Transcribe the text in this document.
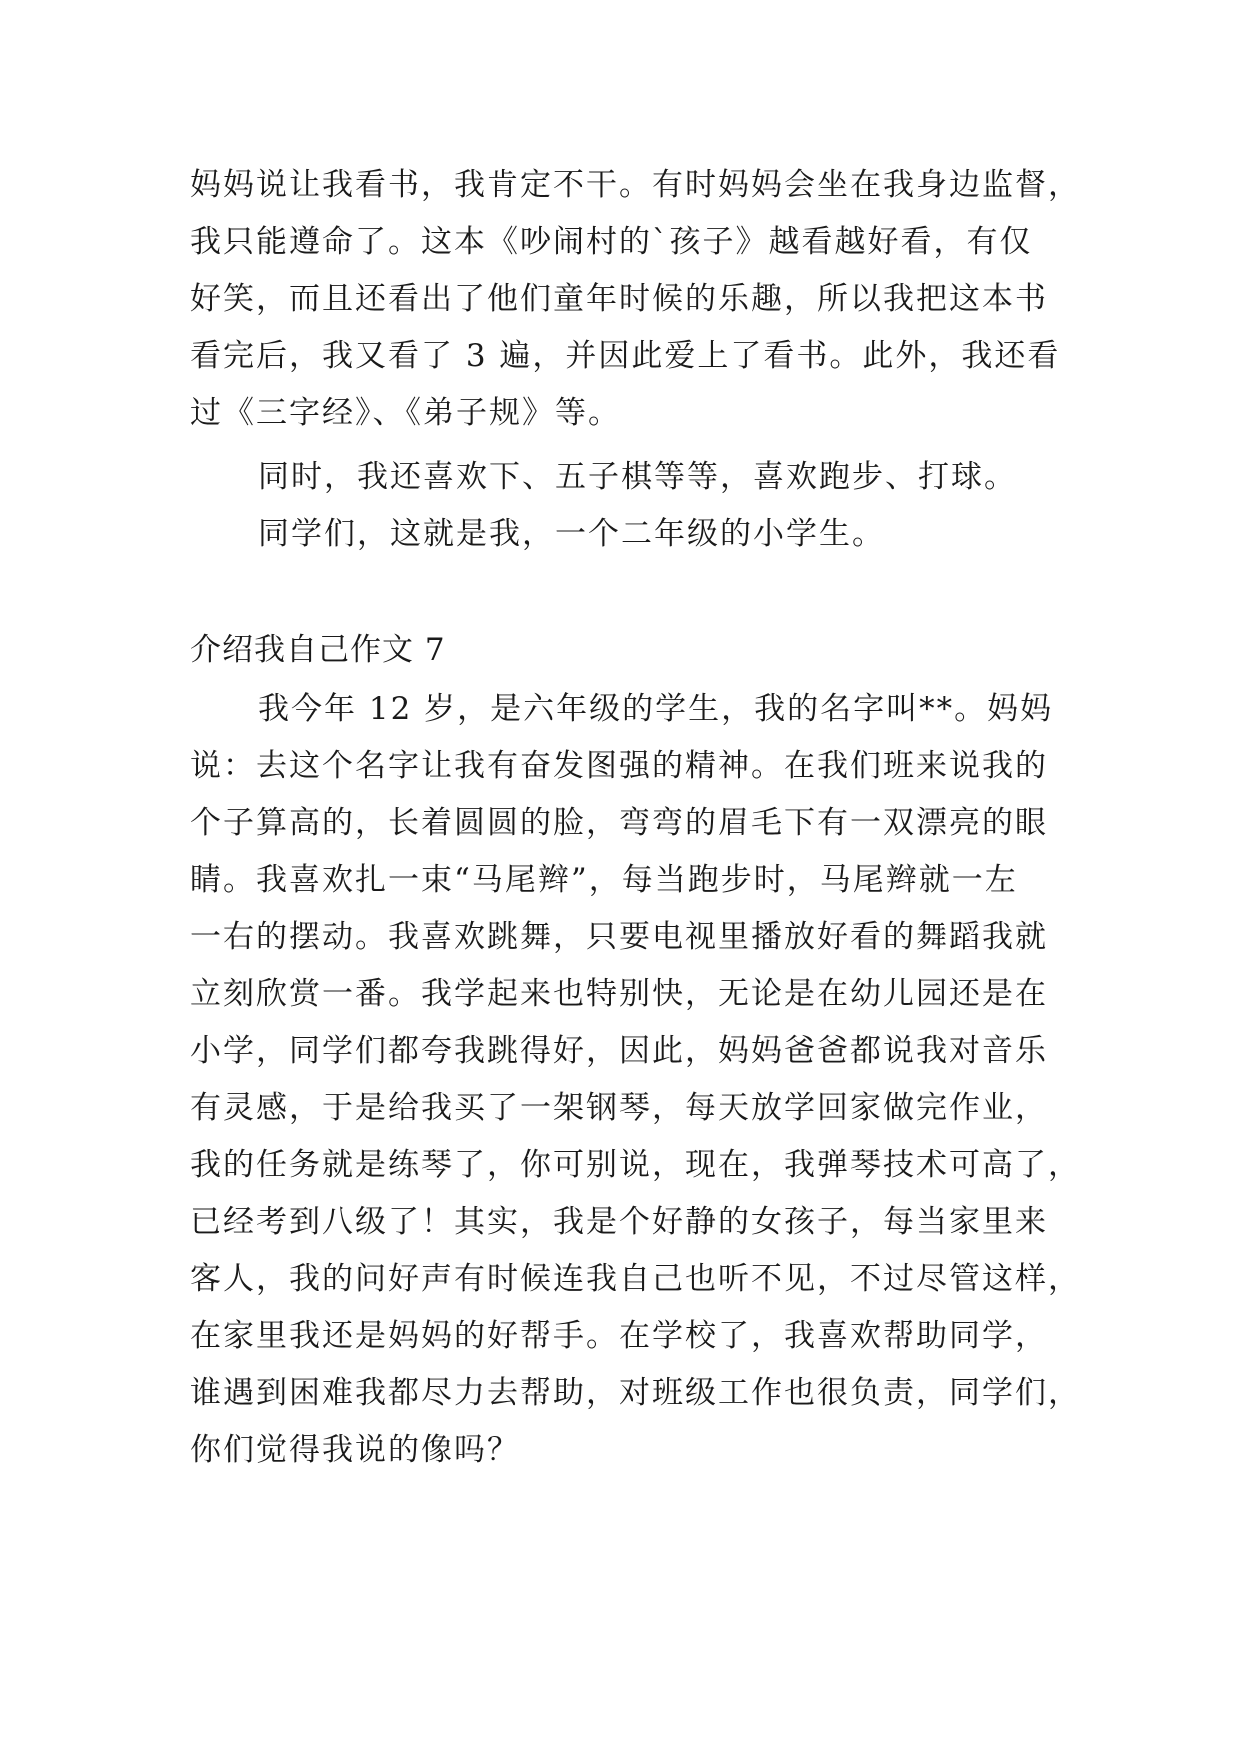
妈妈说让我看书，我肯定不干。有时妈妈会坐在我身边监督，
我只能遵命了。这本《吵闹村的`孩子》越看越好看，有仅
好笑，而且还看出了他们童年时候的乐趣，所以我把这本书
看完后，我又看了 3 遍，并因此爱上了看书。此外，我还看
过《三字经》、《弟子规》等。
同时，我还喜欢下、五子棋等等，喜欢跑步、打球。
同学们，这就是我，一个二年级的小学生。
介绍我自己作文 7
我今年 12 岁，是六年级的学生，我的名字叫**。妈妈
说：去这个名字让我有奋发图强的精神。在我们班来说我的
个子算高的，长着圆圆的脸，弯弯的眉毛下有一双漂亮的眼
睛。我喜欢扎一束“马尾辫”，每当跑步时，马尾辫就一左
一右的摆动。我喜欢跳舞，只要电视里播放好看的舞蹈我就
立刻欣赏一番。我学起来也特别快，无论是在幼儿园还是在
小学，同学们都夸我跳得好，因此，妈妈爸爸都说我对音乐
有灵感，于是给我买了一架钢琴，每天放学回家做完作业，
我的任务就是练琴了，你可别说，现在，我弹琴技术可高了，
已经考到八级了！其实，我是个好静的女孩子，每当家里来
客人，我的问好声有时候连我自己也听不见，不过尽管这样，
在家里我还是妈妈的好帮手。在学校了，我喜欢帮助同学，
谁遇到困难我都尽力去帮助，对班级工作也很负责，同学们，
你们觉得我说的像吗？
